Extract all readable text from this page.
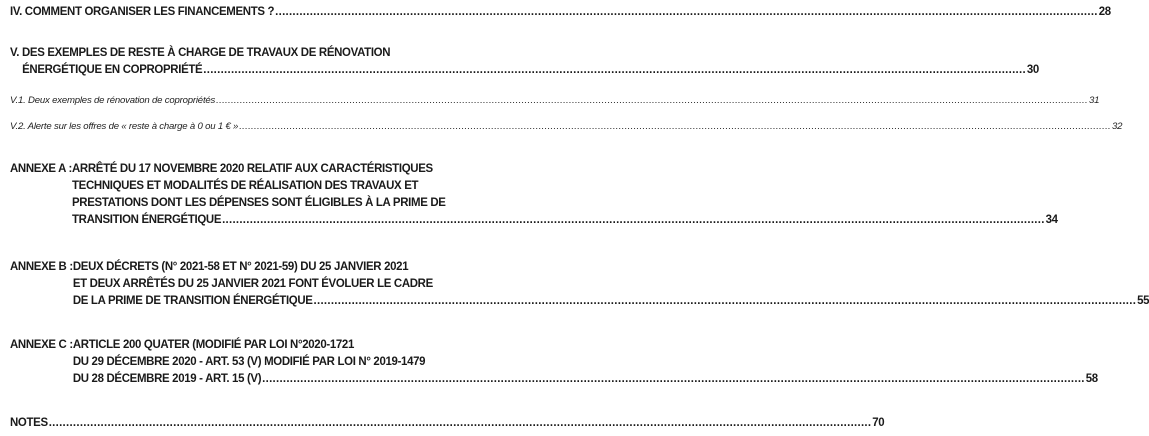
IV. COMMENT ORGANISER LES FINANCEMENTS ? .....	28
V. DES EXEMPLES DE RESTE À CHARGE DE TRAVAUX DE RÉNOVATION
ÉNERGÉTIQUE EN COPROPRIÉTÉ .....	30
V.1. Deux exemples de rénovation de copropriétés .....	31
V.2. Alerte sur les offres de « reste à charge à 0 ou 1 € » .....	32
ANNEXE A : ARRÊTÉ DU 17 NOVEMBRE 2020 RELATIF AUX CARACTÉRISTIQUES
TECHNIQUES ET MODALITÉS DE RÉALISATION DES TRAVAUX ET
PRESTATIONS DONT LES DÉPENSES SONT ÉLIGIBLES À LA PRIME DE
TRANSITION ÉNERGÉTIQUE .....	34
ANNEXE B : DEUX DÉCRETS (N° 2021-58 ET N° 2021-59) DU 25 JANVIER 2021
ET DEUX ARRÊTÉS DU 25 JANVIER 2021 FONT ÉVOLUER LE CADRE
DE LA PRIME DE TRANSITION ÉNERGÉTIQUE .....	55
ANNEXE C : ARTICLE 200 QUATER (MODIFIÉ PAR LOI N°2020-1721
DU 29 DÉCEMBRE 2020 - ART. 53 (V) MODIFIÉ PAR LOI N° 2019-1479
DU 28 DÉCEMBRE 2019 - ART. 15 (V) .....	58
NOTES .....	70
